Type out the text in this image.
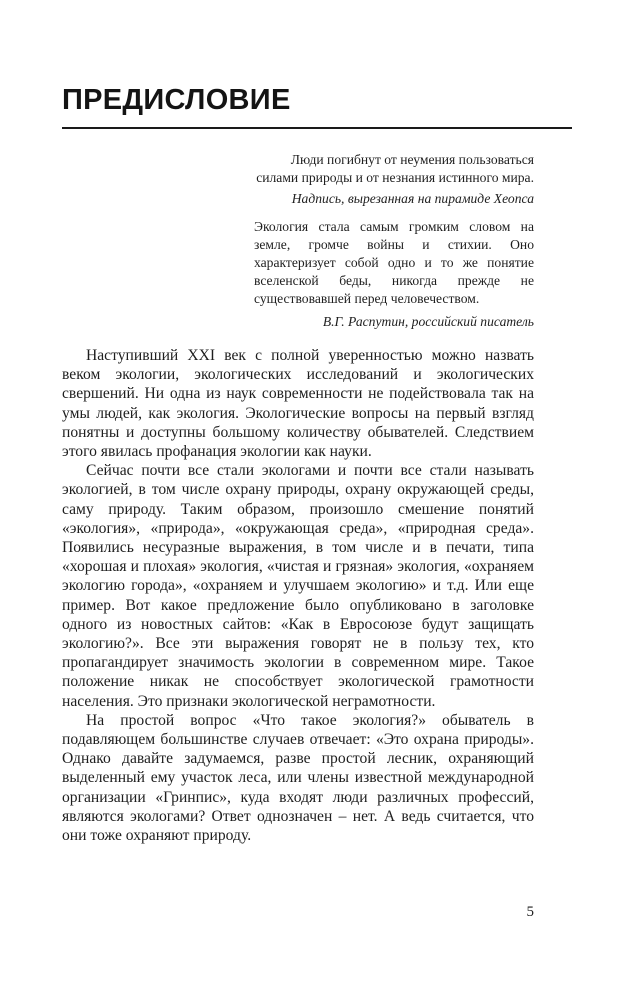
ПРЕДИСЛОВИЕ

Люди погибнут от неумения пользоваться

силами природы и от незнания истинного мира.

Надпись, вырезанная на пирамиде Хеопса

Экология стала самым громким словом на земле, громче войны и стихии. Оно характеризует собой одно и то же понятие вселенской беды, никогда прежде не существовавшей перед человечеством.

В.Г. Распутин, российский писатель

Наступивший XXI век с полной уверенностью можно назвать веком экологии, экологических исследований и экологических свершений. Ни одна из наук современности не подействовала так на умы людей, как экология. Экологические вопросы на первый взгляд понятны и доступны большому количеству обывателей. Следствием этого явилась профанация экологии как науки.

Сейчас почти все стали экологами и почти все стали называть экологией, в том числе охрану природы, охрану окружающей среды, саму природу. Таким образом, произошло смешение понятий «экология», «природа», «окружающая среда», «природная среда». Появились несуразные выражения, в том числе и в печати, типа «хорошая и плохая» экология, «чистая и грязная» экология, «охраняем экологию города», «охраняем и улучшаем экологию» и т.д. Или еще пример. Вот какое предложение было опубликовано в заголовке одного из новостных сайтов: «Как в Евросоюзе будут защищать экологию?». Все эти выражения говорят не в пользу тех, кто пропагандирует значимость экологии в современном мире. Такое положение никак не способствует экологической грамотности населения. Это признаки экологической неграмотности.

На простой вопрос «Что такое экология?» обыватель в подавляющем большинстве случаев отвечает: «Это охрана природы». Однако давайте задумаемся, разве простой лесник, охраняющий выделенный ему участок леса, или члены известной международной организации «Гринпис», куда входят люди различных профессий, являются экологами? Ответ однозначен – нет. А ведь считается, что они тоже охраняют природу.

5
